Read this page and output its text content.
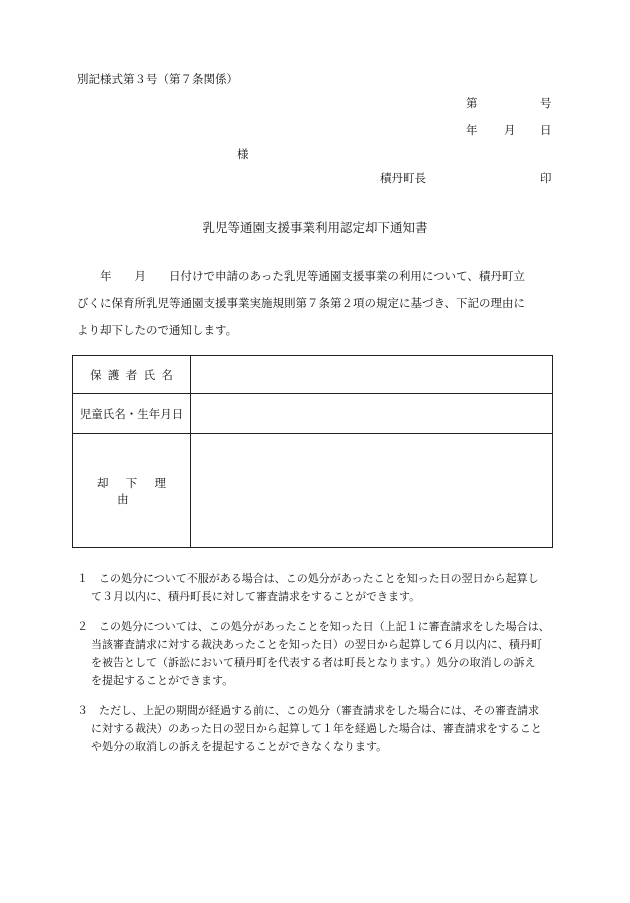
別記様式第３号（第７条関係）
第	号
年 月 日
様
積丹町長	印
乳児等通園支援事業利用認定却下通知書
　　年　　月　　日付けで申請のあった乳児等通園支援事業の利用について、積丹町立
びくに保育所乳児等通園支援事業実施規則第７条第２項の規定に基づき、下記の理由に
より却下したので通知します。
保護者氏名	
児童氏名・生年月日	
却下理由	
１　この処分について不服がある場合は、この処分があったことを知った日の翌日から起算し
て３月以内に、積丹町長に対して審査請求をすることができます。
２　この処分については、この処分があったことを知った日（上記１に審査請求をした場合は、
当該審査請求に対する裁決あったことを知った日）の翌日から起算して６月以内に、積丹町
を被告として（訴訟において積丹町を代表する者は町長となります。）処分の取消しの訴え
を提起することができます。
３　ただし、上記の期間が経過する前に、この処分（審査請求をした場合には、その審査請求
に対する裁決）のあった日の翌日から起算して１年を経過した場合は、審査請求をすること
や処分の取消しの訴えを提起することができなくなります。
